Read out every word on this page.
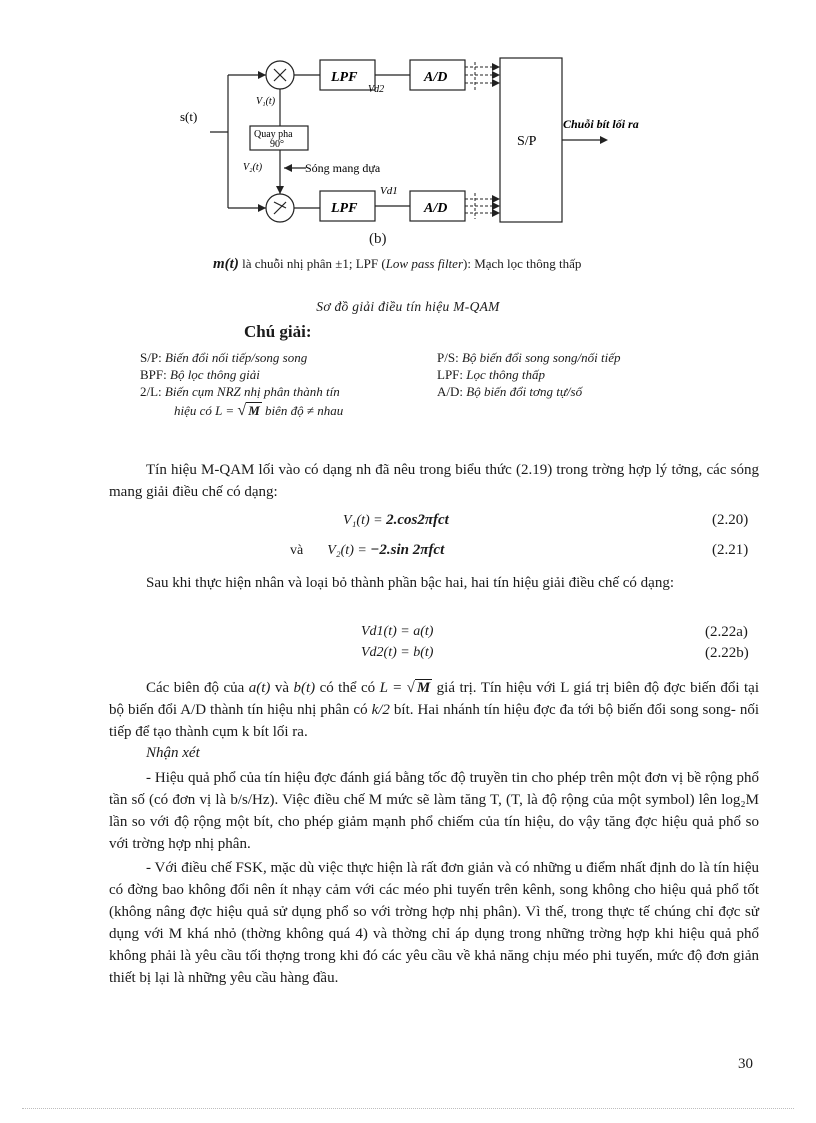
s(t)
V₁(t)
V₂(t)
LPF
LPF
A/D
A/D
Vd2
Vd1
Quay pha
90°
Sóng mang dựa
S/P
Chuỗi bít lối ra
(b)
m(t) là chuỗi nhị phân ±1; LPF (Low pass filter): Mạch lọc thông thấp
Sơ đồ giải điều tín hiệu M-QAM
Chú giải:
S/P: Biến đổi nối tiếp/song song
BPF: Bộ lọc thông giải
2/L: Biến cụm NRZ nhị phân thành tín
hiệu có L = √ M biên độ ≠ nhau
P/S: Bộ biến đổi song song/nối tiếp
LPF: Lọc thông thấp
A/D: Bộ biến đổi tơng tự/số

Tín hiệu M-QAM lối vào có dạng nh đã nêu trong biểu thức (2.19) trong trờng hợp lý tởng, các sóng mang giải điều chế có dạng:

V₁(t) = 2.cos2πfct	(2.20)
và V₂(t) = −2.sin 2πfct	(2.21)

Sau khi thực hiện nhân và loại bỏ thành phần bậc hai, hai tín hiệu giải điều chế có dạng:

Vd1(t) = a(t)	(2.22a)
Vd2(t) = b(t)	(2.22b)

Các biên độ của a(t) và b(t) có thể có L = √ M giá trị. Tín hiệu với L giá trị biên độ đợc biến đổi tại bộ biến đổi A/D thành tín hiệu nhị phân có k/2 bít. Hai nhánh tín hiệu đợc đa tới bộ biến đổi song song- nối tiếp để tạo thành cụm k bít lối ra.

Nhận xét

- Hiệu quả phổ của tín hiệu đợc đánh giá bằng tốc độ truyền tin cho phép trên một đơn vị bề rộng phổ tần số (có đơn vị là b/s/Hz). Việc điều chế M mức sẽ làm tăng T, (T, là độ rộng của một symbol) lên log₂M lần so với độ rộng một bít, cho phép giảm mạnh phổ chiếm của tín hiệu, do vậy tăng đợc hiệu quả phổ so với trờng hợp nhị phân.

- Với điều chế FSK, mặc dù việc thực hiện là rất đơn giản và có những u điểm nhất định do là tín hiệu có đờng bao không đổi nên ít nhạy cảm với các méo phi tuyến trên kênh, song không cho hiệu quả phổ tốt (không nâng đợc hiệu quả sử dụng phổ so với trờng hợp nhị phân). Vì thế, trong thực tế chúng chỉ đợc sử dụng với M khá nhỏ (thờng không quá 4) và thờng chỉ áp dụng trong những trờng hợp khi hiệu quả phổ không phải là yêu cầu tối thợng trong khi đó các yêu cầu về khả năng chịu méo phi tuyến, mức độ đơn giản thiết bị lại là những yêu cầu hàng đầu.

30
